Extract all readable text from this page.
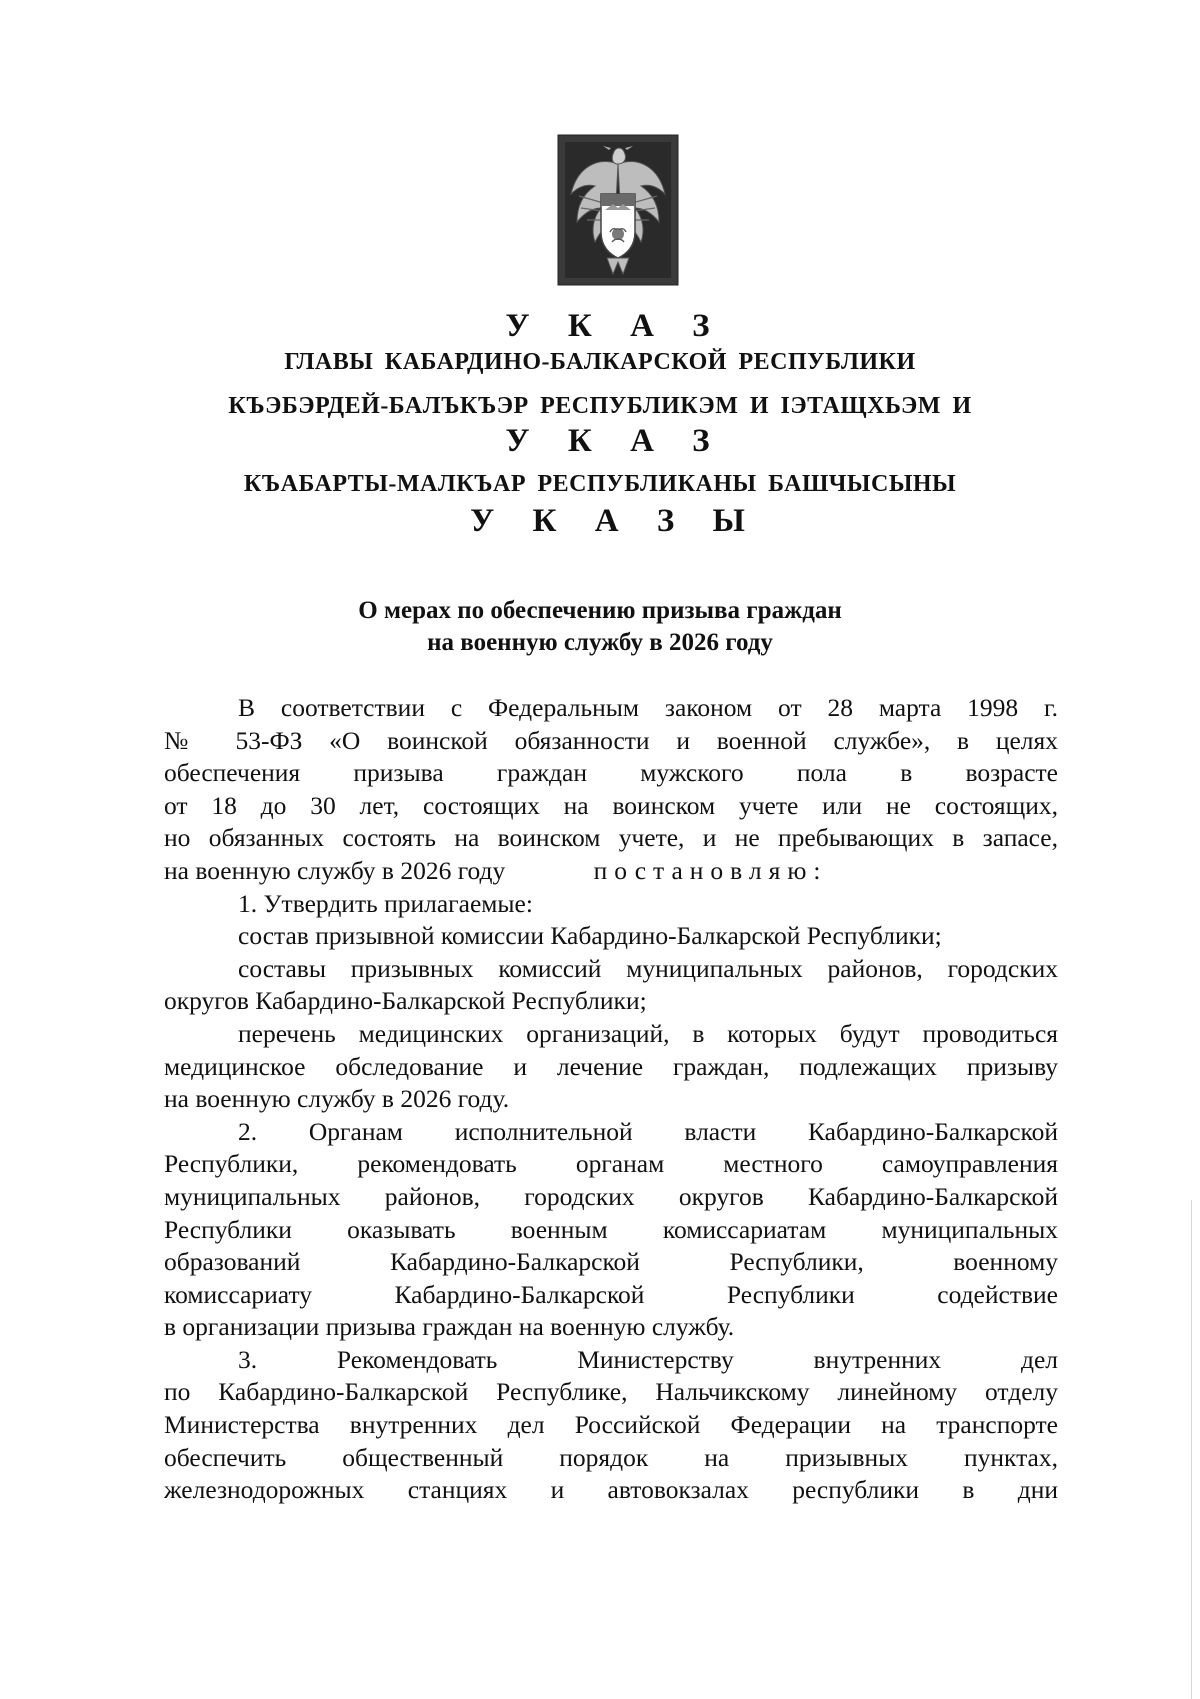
У К А З
ГЛАВЫ КАБАРДИНО-БАЛКАРСКОЙ РЕСПУБЛИКИ
КЪЭБЭРДЕЙ-БАЛЪКЪЭР РЕСПУБЛИКЭМ И IЭТАЩХЬЭМ И
У К А З
КЪАБАРТЫ-МАЛКЪАР РЕСПУБЛИКАНЫ БАШЧЫСЫНЫ
У К А З Ы
О мерах по обеспечению призыва граждан
на военную службу в 2026 году
В соответствии с Федеральным законом от 28 марта 1998 г.
№ 53-ФЗ «О воинской обязанности и военной службе», в целях
обеспечения призыва граждан мужского пола в возрасте
от 18 до 30 лет, состоящих на воинском учете или не состоящих,
но обязанных состоять на воинском учете, и не пребывающих в запасе,
на военную службу в 2026 году	постановляю:
1. Утвердить прилагаемые:
состав призывной комиссии Кабардино-Балкарской Республики;
составы призывных комиссий муниципальных районов, городских
округов Кабардино-Балкарской Республики;
перечень медицинских организаций, в которых будут проводиться
медицинское обследование и лечение граждан, подлежащих призыву
на военную службу в 2026 году.
2. Органам исполнительной власти Кабардино-Балкарской
Республики, рекомендовать органам местного самоуправления
муниципальных районов, городских округов Кабардино-Балкарской
Республики оказывать военным комиссариатам муниципальных
образований Кабардино-Балкарской Республики, военному
комиссариату Кабардино-Балкарской Республики содействие
в организации призыва граждан на военную службу.
3. Рекомендовать Министерству внутренних дел
по Кабардино-Балкарской Республике, Нальчикскому линейному отделу
Министерства внутренних дел Российской Федерации на транспорте
обеспечить общественный порядок на призывных пунктах,
железнодорожных станциях и автовокзалах республики в дни
